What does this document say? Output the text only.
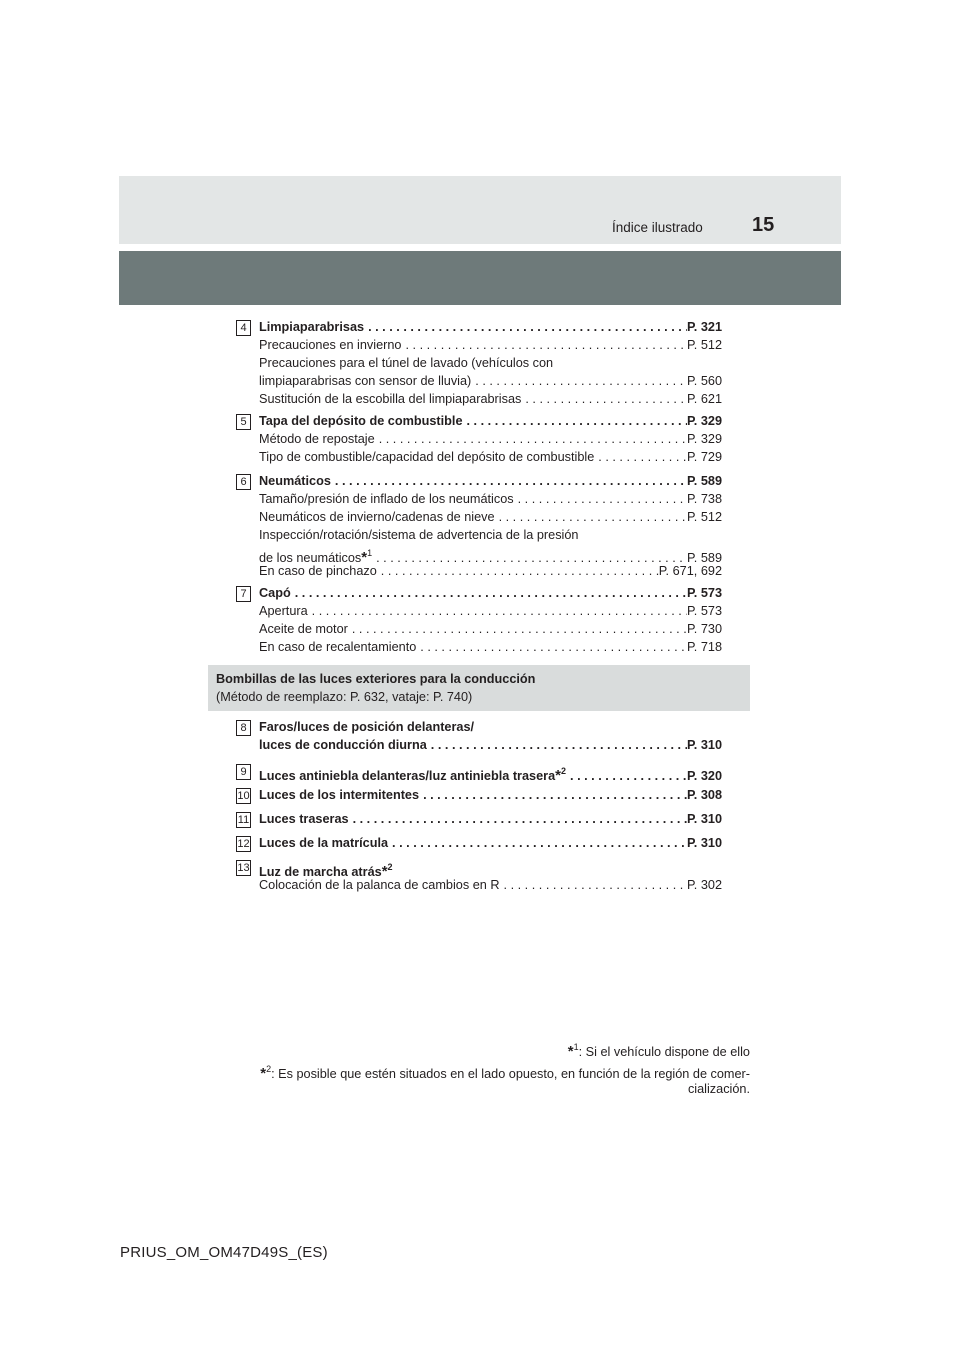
Índice ilustrado 15
4 Limpiaparabrisas . . .	P. 321
Precauciones en invierno . . .	P. 512
Precauciones para el túnel de lavado (vehículos con
limpiaparabrisas con sensor de lluvia) . . .	P. 560
Sustitución de la escobilla del limpiaparabrisas . . .	P. 621
5 Tapa del depósito de combustible . . .	P. 329
Método de repostaje . . .	P. 329
Tipo de combustible/capacidad del depósito de combustible . . .	P. 729
6 Neumáticos . . .	P. 589
Tamaño/presión de inflado de los neumáticos . . .	P. 738
Neumáticos de invierno/cadenas de nieve . . .	P. 512
Inspección/rotación/sistema de advertencia de la presión
de los neumáticos*$^1$ . . .	P. 589
En caso de pinchazo . . .	P. 671, 692
7 Capó . . .	P. 573
Apertura . . .	P. 573
Aceite de motor . . .	P. 730
En caso de recalentamiento . . .	P. 718
Bombillas de las luces exteriores para la conducción
(Método de reemplazo: P. 632, vataje: P. 740)
8 Faros/luces de posición delanteras/
luces de conducción diurna . . .	P. 310
9 Luces antiniebla delanteras/luz antiniebla trasera*$^2$ . . .	P. 320
10 Luces de los intermitentes . . .	P. 308
11 Luces traseras . . .	P. 310
12 Luces de la matrícula . . .	P. 310
13 Luz de marcha atrás*$^2$
Colocación de la palanca de cambios en R . . .	P. 302
*$^1$: Si el vehículo dispone de ello
*$^2$: Es posible que estén situados en el lado opuesto, en función de la región de comer-
cialización.
PRIUS_OM_OM47D49S_(ES)
